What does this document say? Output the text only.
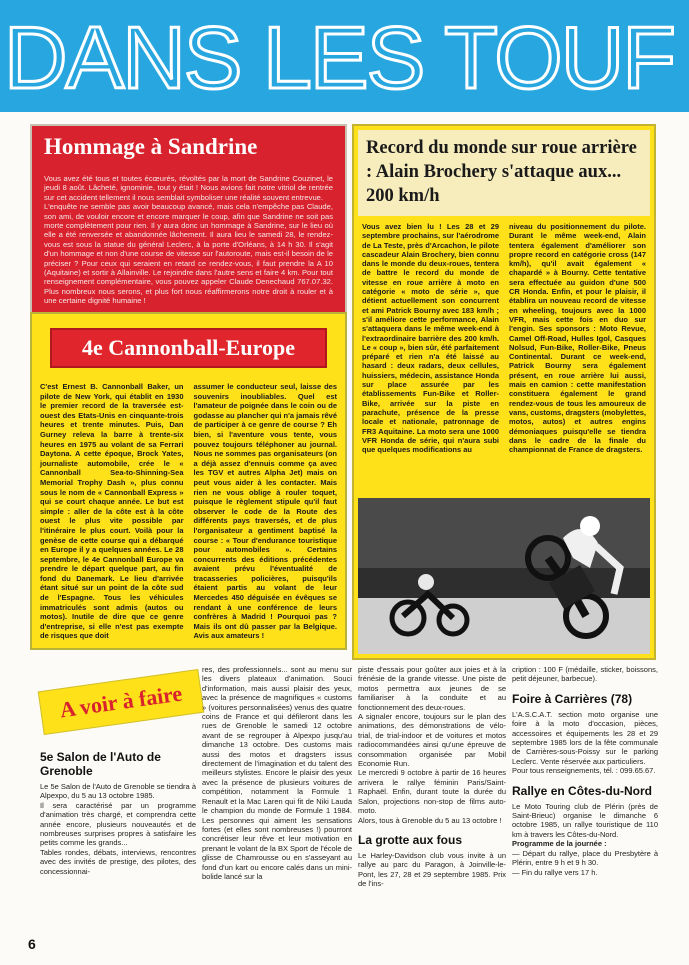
DANS LES TOUF
Hommage à Sandrine

Vous avez été tous et toutes écœurés, révoltés par la mort de Sandrine Couzinet, le jeudi 8 août. Lâcheté, ignominie, tout y était ! Nous avions fait notre vitriol de rentrée sur cet accident tellement il nous semblait symboliser une réalité souvent entrevue.

L'enquête ne semble pas avoir beaucoup avancé, mais cela n'empêche pas Claude, son ami, de vouloir encore et encore marquer le coup, afin que Sandrine ne soit pas morte complètement pour rien. Il y aura donc un hommage à Sandrine, sur le lieu où elle a été renversée et abandonnée lâchement. Il aura lieu le samedi 28, le rendez-vous est sous la statue du général Leclerc, à la porte d'Orléans, à 14 h 30. Il s'agit d'un hommage et non d'une course de vitesse sur l'autoroute, mais est-il besoin de le préciser ? Pour ceux qui seraient en retard ce rendez-vous, il faut prendre la A 10 (Aquitaine) et sortir à Allainville. Le rejoindre dans l'autre sens et faire 4 km. Pour tout renseignement complémentaire, vous pouvez appeler Claude Denechaud 767.07.32. Plus nombreux nous serons, et plus fort nous réaffirmerons notre droit à rouler et à une certaine dignité humaine !

4e Cannonball-Europe

C'est Ernest B. Cannonball Baker, un pilote de New York, qui établit en 1930 le premier record de la traversée est-ouest des Etats-Unis en cinquante-trois heures et trente minutes. Puis, Dan Gurney releva la barre à trente-six heures en 1975 au volant de sa Ferrari Daytona. A cette époque, Brock Yates, journaliste automobile, crée le « Cannonball Sea-to-Shinning-Sea Memorial Trophy Dash », plus connu sous le nom de « Cannonball Express » qui se court chaque année. Le but est simple : aller de la côte est à la côte ouest le plus vite possible par l'itinéraire le plus court. Voilà pour la genèse de cette course qui a débarqué en Europe il y a quelques années. Le 28 septembre, le 4e Cannonball Europe va prendre le départ quelque part, au fin fond du Danemark. Le lieu d'arrivée étant situé sur un point de la côte sud de l'Espagne. Tous les véhicules immatriculés sont admis (autos ou motos). Inutile de dire que ce genre d'entreprise, si elle n'est pas exempte de risques que doit

assumer le conducteur seul, laisse des souvenirs inoubliables. Quel est l'amateur de poignée dans le coin ou de godasse au plancher qui n'a jamais rêvé de participer à ce genre de course ? Eh bien, si l'aventure vous tente, vous pouvez toujours téléphoner au journal. Nous ne sommes pas organisateurs (on a déjà assez d'ennuis comme ça avec les TGV et autres Alpha Jet) mais on peut vous aider à les contacter. Mais rien ne vous oblige à rouler toquet, puisque le règlement stipule qu'il faut observer le code de la Route des différents pays traversés, et de plus l'organisateur a gentiment baptisé la course : « Tour d'endurance touristique pour automobiles ». Certains concurrents des éditions précédentes avaient prévu l'éventualité de tracasseries policières, puisqu'ils étaient partis au volant de leur Mercedes 450 déguisée en évêques se rendant à une conférence de leurs confrères à Madrid ! Pourquoi pas ? Mais ils ont dû passer par la Belgique. Avis aux amateurs !

Record du monde sur roue arrière : Alain Brochery s'attaque aux... 200 km/h

Vous avez bien lu ! Les 28 et 29 septembre prochains, sur l'aérodrome de La Teste, près d'Arcachon, le pilote cascadeur Alain Brochery, bien connu dans le monde du deux-roues, tentera de battre le record du monde de vitesse en roue arrière à moto en catégorie « moto de série », que détient actuellement son concurrent et ami Patrick Bourny avec 183 km/h ; s'il améliore cette performance, Alain s'attaquera dans le même week-end à l'extraordinaire barrière des 200 km/h. Le « coup », bien sûr, été parfaitement préparé et rien n'a été laissé au hasard : deux radars, deux cellules, huissiers, médecin, assistance Honda sur place assurée par les établissements Fun-Bike et Roller-Bike, arrivée sur la piste en parachute, présence de la presse locale et nationale, patronnage de FR3 Aquitaine. La moto sera une 1000 VFR Honda de série, qui n'aura subi que quelques modifications au

niveau du positionnement du pilote. Durant le même week-end, Alain tentera également d'améliorer son propre record en catégorie cross (147 km/h), qu'il avait également « chapardé » à Bourny. Cette tentative sera effectuée au guidon d'une 500 CR Honda. Enfin, et pour le plaisir, il établira un nouveau record de vitesse en wheeling, toujours avec la 1000 VFR, mais cette fois en duo sur l'engin. Ses sponsors : Moto Revue, Camel Off-Road, Hulles Igol, Casques Nolsud, Fun-Bike, Roller-Bike, Pneus Continental. Durant ce week-end, Patrick Bourny sera également présent, en roue arrière lui aussi, mais en camion : cette manifestation constituera également le grand rendez-vous de tous les amoureux de vans, customs, dragsters (mobylettes, motos, autos) et autres engins démoniaques puisqu'elle se tiendra dans le cadre de la finale du championnat de France de dragsters.

A voir à faire
5e Salon de l'Auto de Grenoble

Le 5e Salon de l'Auto de Grenoble se tiendra à Alpexpo, du 5 au 13 octobre 1985.

Il sera caractérisé par un programme d'animation très chargé, et comprendra cette année encore, plusieurs nouveautés et de nombreuses surprises propres à satisfaire les petits comme les grands...

Tables rondes, débats, interviews, rencontres avec des invités de prestige, des pilotes, des concessionnai-

res, des professionnels... sont au menu sur les divers plateaux d'animation. Souci d'information, mais aussi plaisir des yeux, avec la présence de magnifiques « customs » (voitures personnalisées) venus des quatre coins de France et qui défileront dans les rues de Grenoble le samedi 12 octobre avant de se regrouper à Alpexpo jusqu'au dimanche 13 octobre. Des customs mais aussi des motos et dragsters issus directement de l'imagination et du talent des meilleurs stylistes. Encore le plaisir des yeux avec la présence de plusieurs voitures de compétition, notamment la Formule 1 Renault et la Mac Laren qui fit de Niki Lauda le champion du monde de Formule 1 1984. Les personnes qui aiment les sensations fortes (et elles sont nombreuses !) pourront concrétiser leur rêve et leur motivation en prenant le volant de la BX Sport de l'école de glisse de Chamrousse ou en s'asseyant au fond d'un kart ou encore calés dans un mini-bolide lancé sur la

piste d'essais pour goûter aux joies et à la frénésie de la grande vitesse. Une piste de motos permettra aux jeunes de se familiariser à la conduite et au fonctionnement des deux-roues.

A signaler encore, toujours sur le plan des animations, des démonstrations de vélo-trial, de trial-indoor et de voitures et motos radiocommandées ainsi qu'une épreuve de consommation organisée par Mobil Economie Run.

Le mercredi 9 octobre à partir de 16 heures arrivera le rallye féminin Paris/Saint-Raphaël. Enfin, durant toute la durée du Salon, projections non-stop de films auto-moto.

Alors, tous à Grenoble du 5 au 13 octobre !

La grotte aux fous

Le Harley-Davidson club vous invite à un rallye au parc du Paragon, à Joinville-le-Pont, les 27, 28 et 29 septembre 1985. Prix de l'ins-

cription : 100 F (médaille, sticker, boissons, petit déjeuner, barbecue).

Foire à Carrières (78)

L'A.S.C.A.T. section moto organise une foire à la moto d'occasion, pièces, accessoires et équipements les 28 et 29 septembre 1985 lors de la fête communale de Carrières-sous-Poissy sur le parking Leclerc. Vente réservée aux particuliers.

Pour tous renseignements, tél. : 099.65.67.

Rallye en Côtes-du-Nord

Le Moto Touring club de Plérin (près de Saint-Brieuc) organise le dimanche 6 octobre 1985, un rallye touristique de 110 km à travers les Côtes-du-Nord.

Programme de la journée :

— Départ du rallye, place du Presbytère à Plérin, entre 9 h et 9 h 30.

— Fin du rallye vers 17 h.

6
